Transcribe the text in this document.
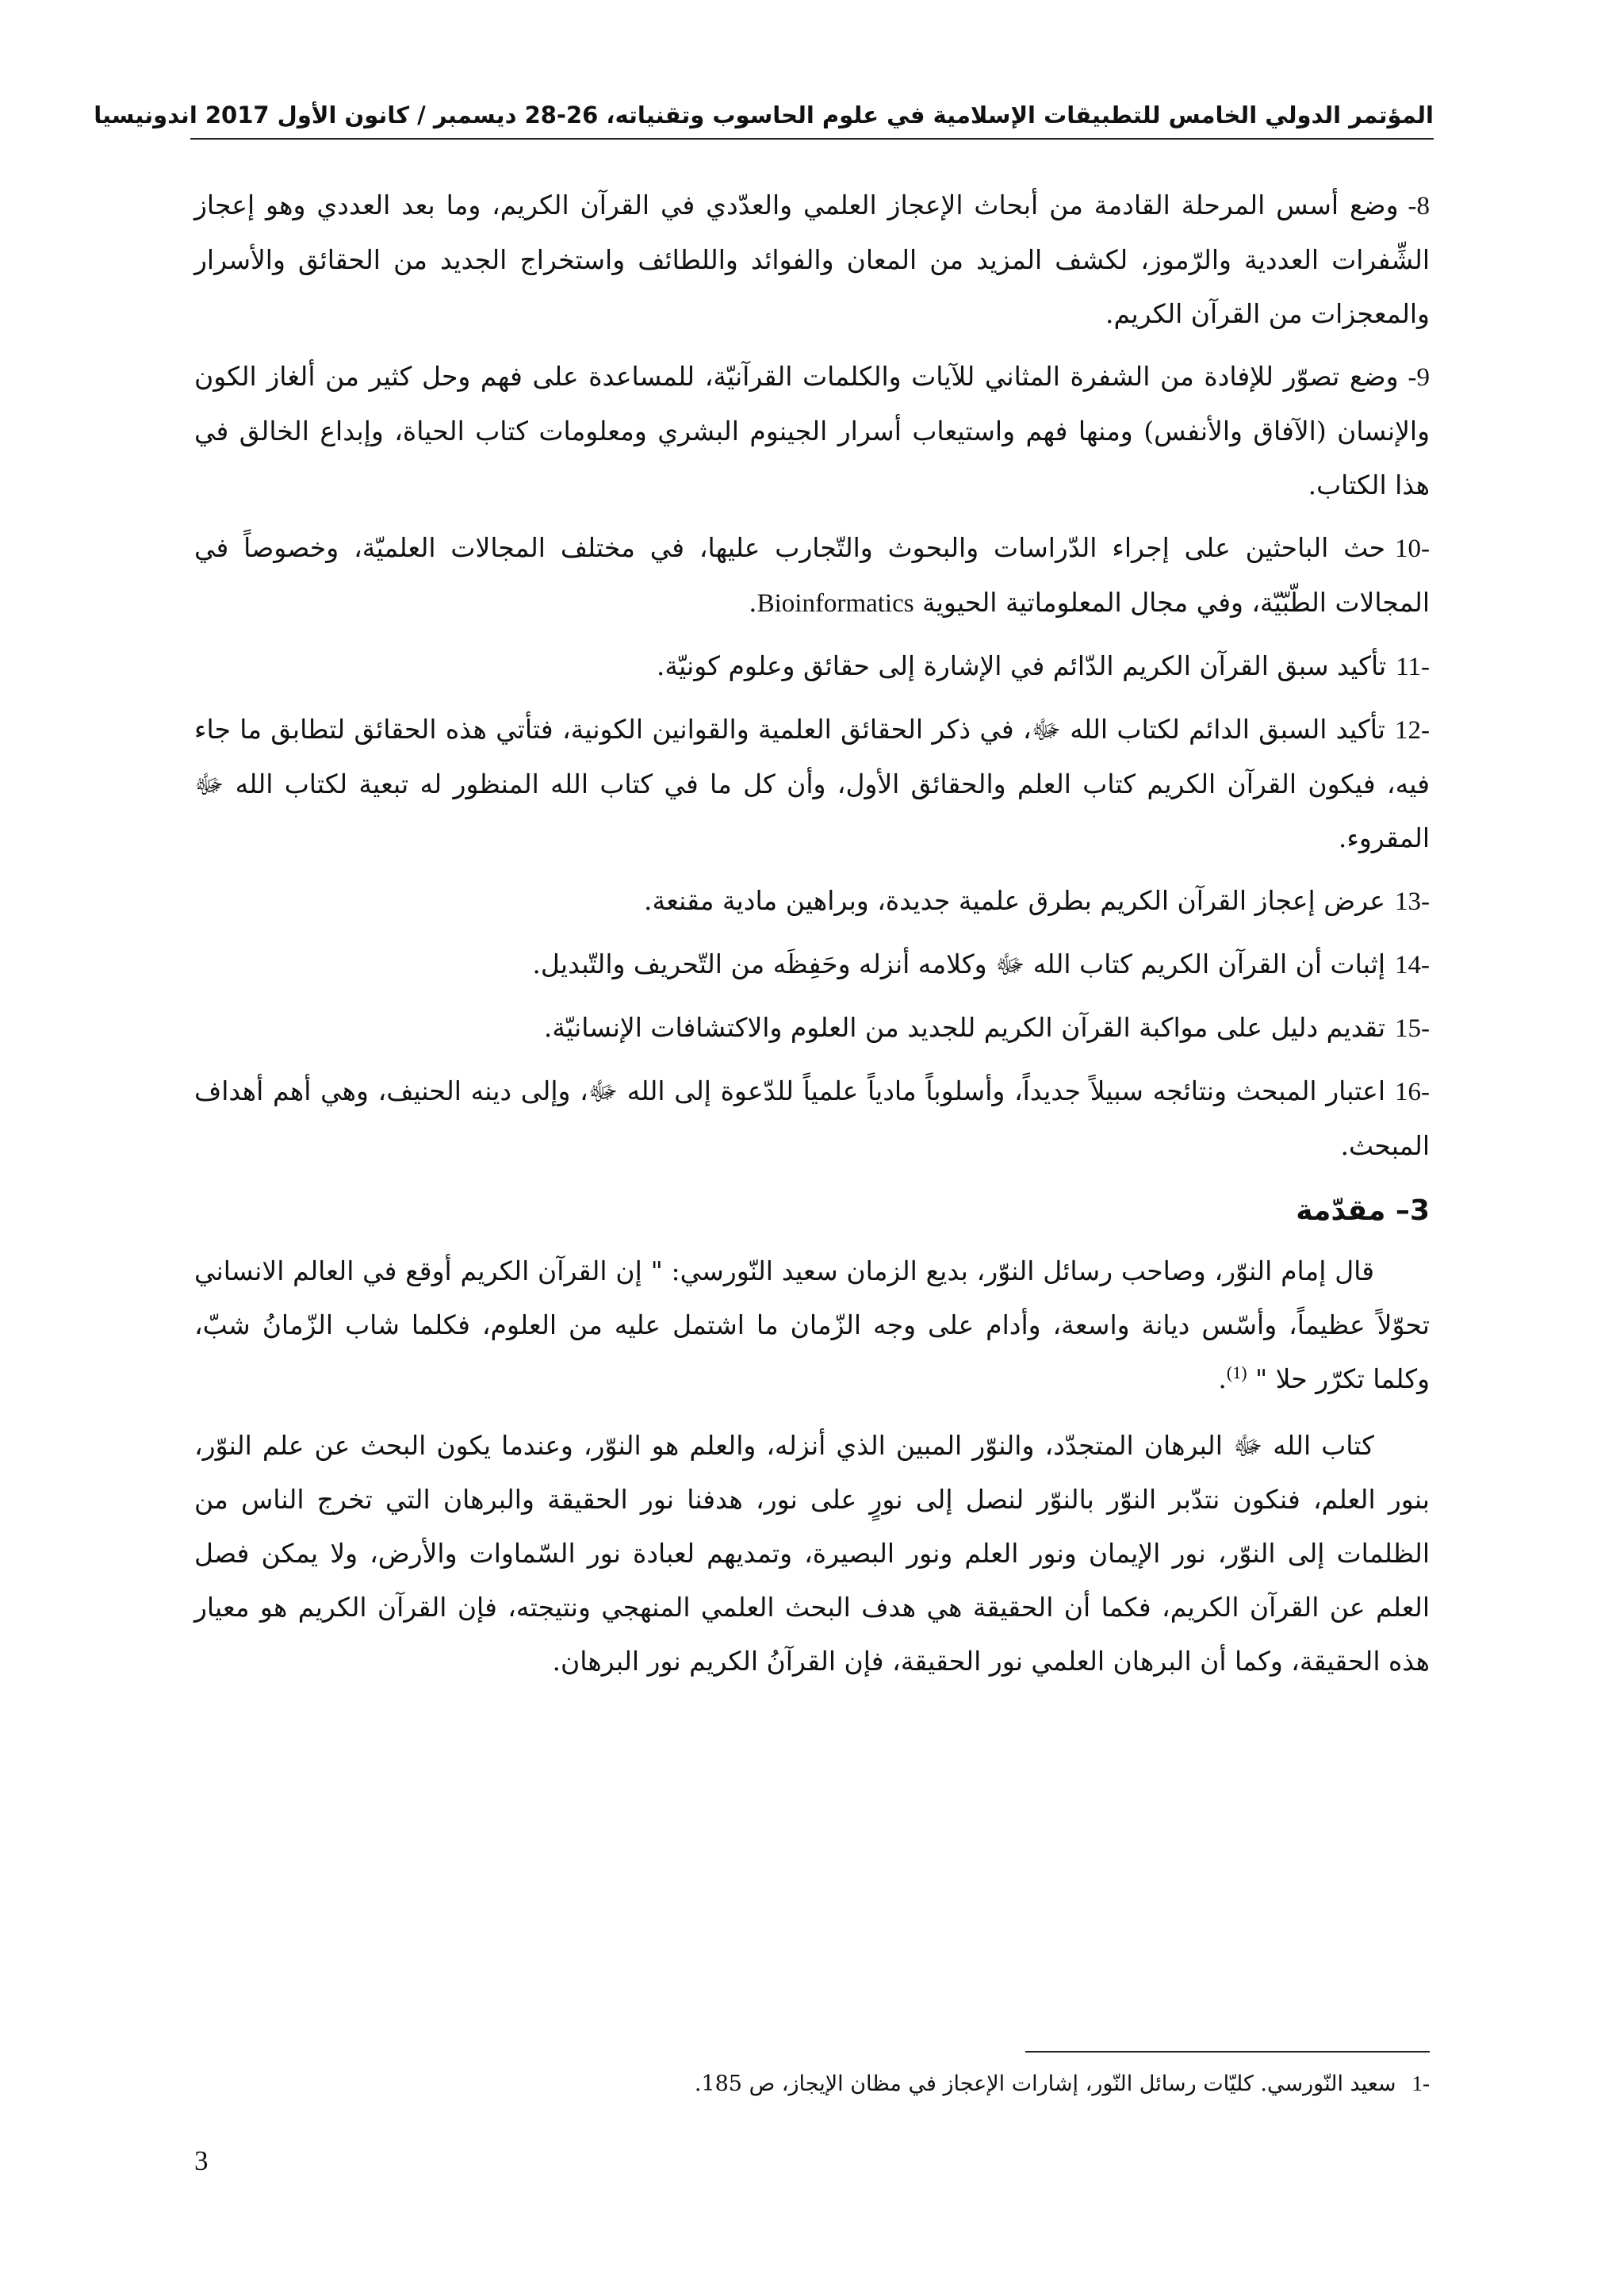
المؤتمر الدولي الخامس للتطبيقات الإسلامية في علوم الحاسوب وتقنياته، 26-28 ديسمبر / كانون الأول 2017 اندونيسيا
-8وضع أسس المرحلة القادمة من أبحاث الإعجاز العلمي والعدّدي في القرآن الكريم، وما بعد العددي وهو إعجاز الشِّفرات العددية والرّموز، لكشف المزيد من المعان والفوائد واللطائف واستخراج الجديد من الحقائق والأسرار والمعجزات من القرآن الكريم.
-9وضع تصوّر للإفادة من الشفرة المثاني للآيات والكلمات القرآنيّة، للمساعدة على فهم وحل كثير من ألغاز الكون والإنسان (الآفاق والأنفس) ومنها فهم واستيعاب أسرار الجينوم البشري ومعلومات كتاب الحياة، وإبداع الخالق في هذا الكتاب.
10-حث الباحثين على إجراء الدّراسات والبحوث والتّجارب عليها، في مختلف المجالات العلميّة، وخصوصاً في المجالات الطّبّيّة، وفي مجال المعلوماتية الحيوية Bioinformatics.
11-تأكيد سبق القرآن الكريم الدّائم في الإشارة إلى حقائق وعلوم كونيّة.
12-تأكيد السبق الدائم لكتاب الله ﷻ، في ذكر الحقائق العلمية والقوانين الكونية، فتأتي هذه الحقائق لتطابق ما جاء فيه، فيكون القرآن الكريم كتاب العلم والحقائق الأول، وأن كل ما في كتاب الله المنظور له تبعية لكتاب الله ﷻ المقروء.
13-عرض إعجاز القرآن الكريم بطرق علمية جديدة، وبراهين مادية مقنعة.
14-إثبات أن القرآن الكريم كتاب الله ﷻ وكلامه أنزله وحَفِظَه من التّحريف والتّبديل.
15-تقديم دليل على مواكبة القرآن الكريم للجديد من العلوم والاكتشافات الإنسانيّة.
16-اعتبار المبحث ونتائجه سبيلاً جديداً، وأسلوباً مادياً علمياً للدّعوة إلى الله ﷻ، وإلى دينه الحنيف، وهي أهم أهداف المبحث.
3– مقدّمة

قال إمام النوّر، وصاحب رسائل النوّر، بديع الزمان سعيد النّورسي: " إن القرآن الكريم أوقع في العالم الانساني تحوّلاً عظيماً، وأسّس ديانة واسعة، وأدام على وجه الزّمان ما اشتمل عليه من العلوم، فكلما شاب الزّمانُ شبّ، وكلما تكرّر حلا " $^{(1)}$.

كتاب الله ﷻ البرهان المتجدّد، والنوّر المبين الذي أنزله، والعلم هو النوّر، وعندما يكون البحث عن علم النوّر، بنور العلم، فنكون نتدّبر النوّر بالنوّر لنصل إلى نورٍ على نور، هدفنا نور الحقيقة والبرهان التي تخرج الناس من الظلمات إلى النوّر، نور الإيمان ونور العلم ونور البصيرة، وتمديهم لعبادة نور السّماوات والأرض، ولا يمكن فصل العلم عن القرآن الكريم، فكما أن الحقيقة هي هدف البحث العلمي المنهجي ونتيجته، فإن القرآن الكريم هو معيار هذه الحقيقة، وكما أن البرهان العلمي نور الحقيقة، فإن القرآنُ الكريم نور البرهان.

-1سعيد النّورسي. كليّات رسائل النّور، إشارات الإعجاز في مظان الإيجاز، ص 185.
3
